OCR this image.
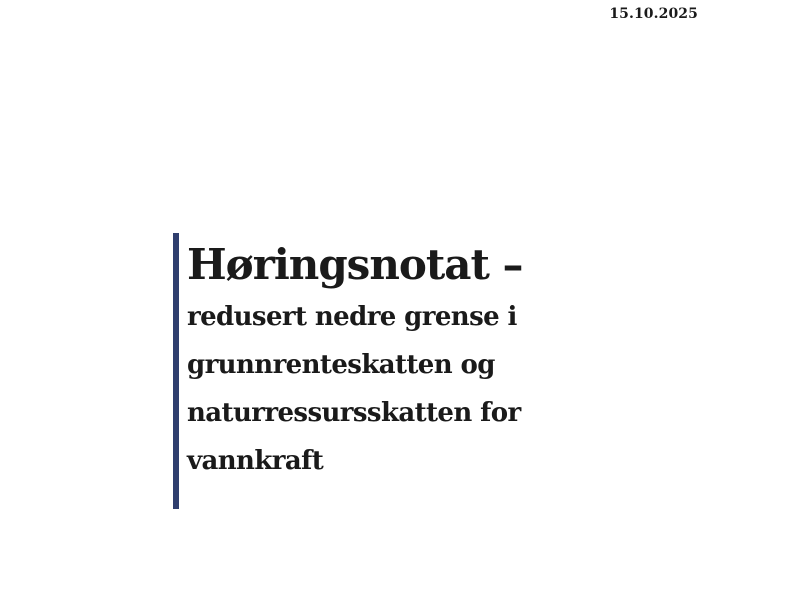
15.10.2025
Høringsnotat –
redusert nedre grense i
grunnrenteskatten og
naturressursskatten for
vannkraft
